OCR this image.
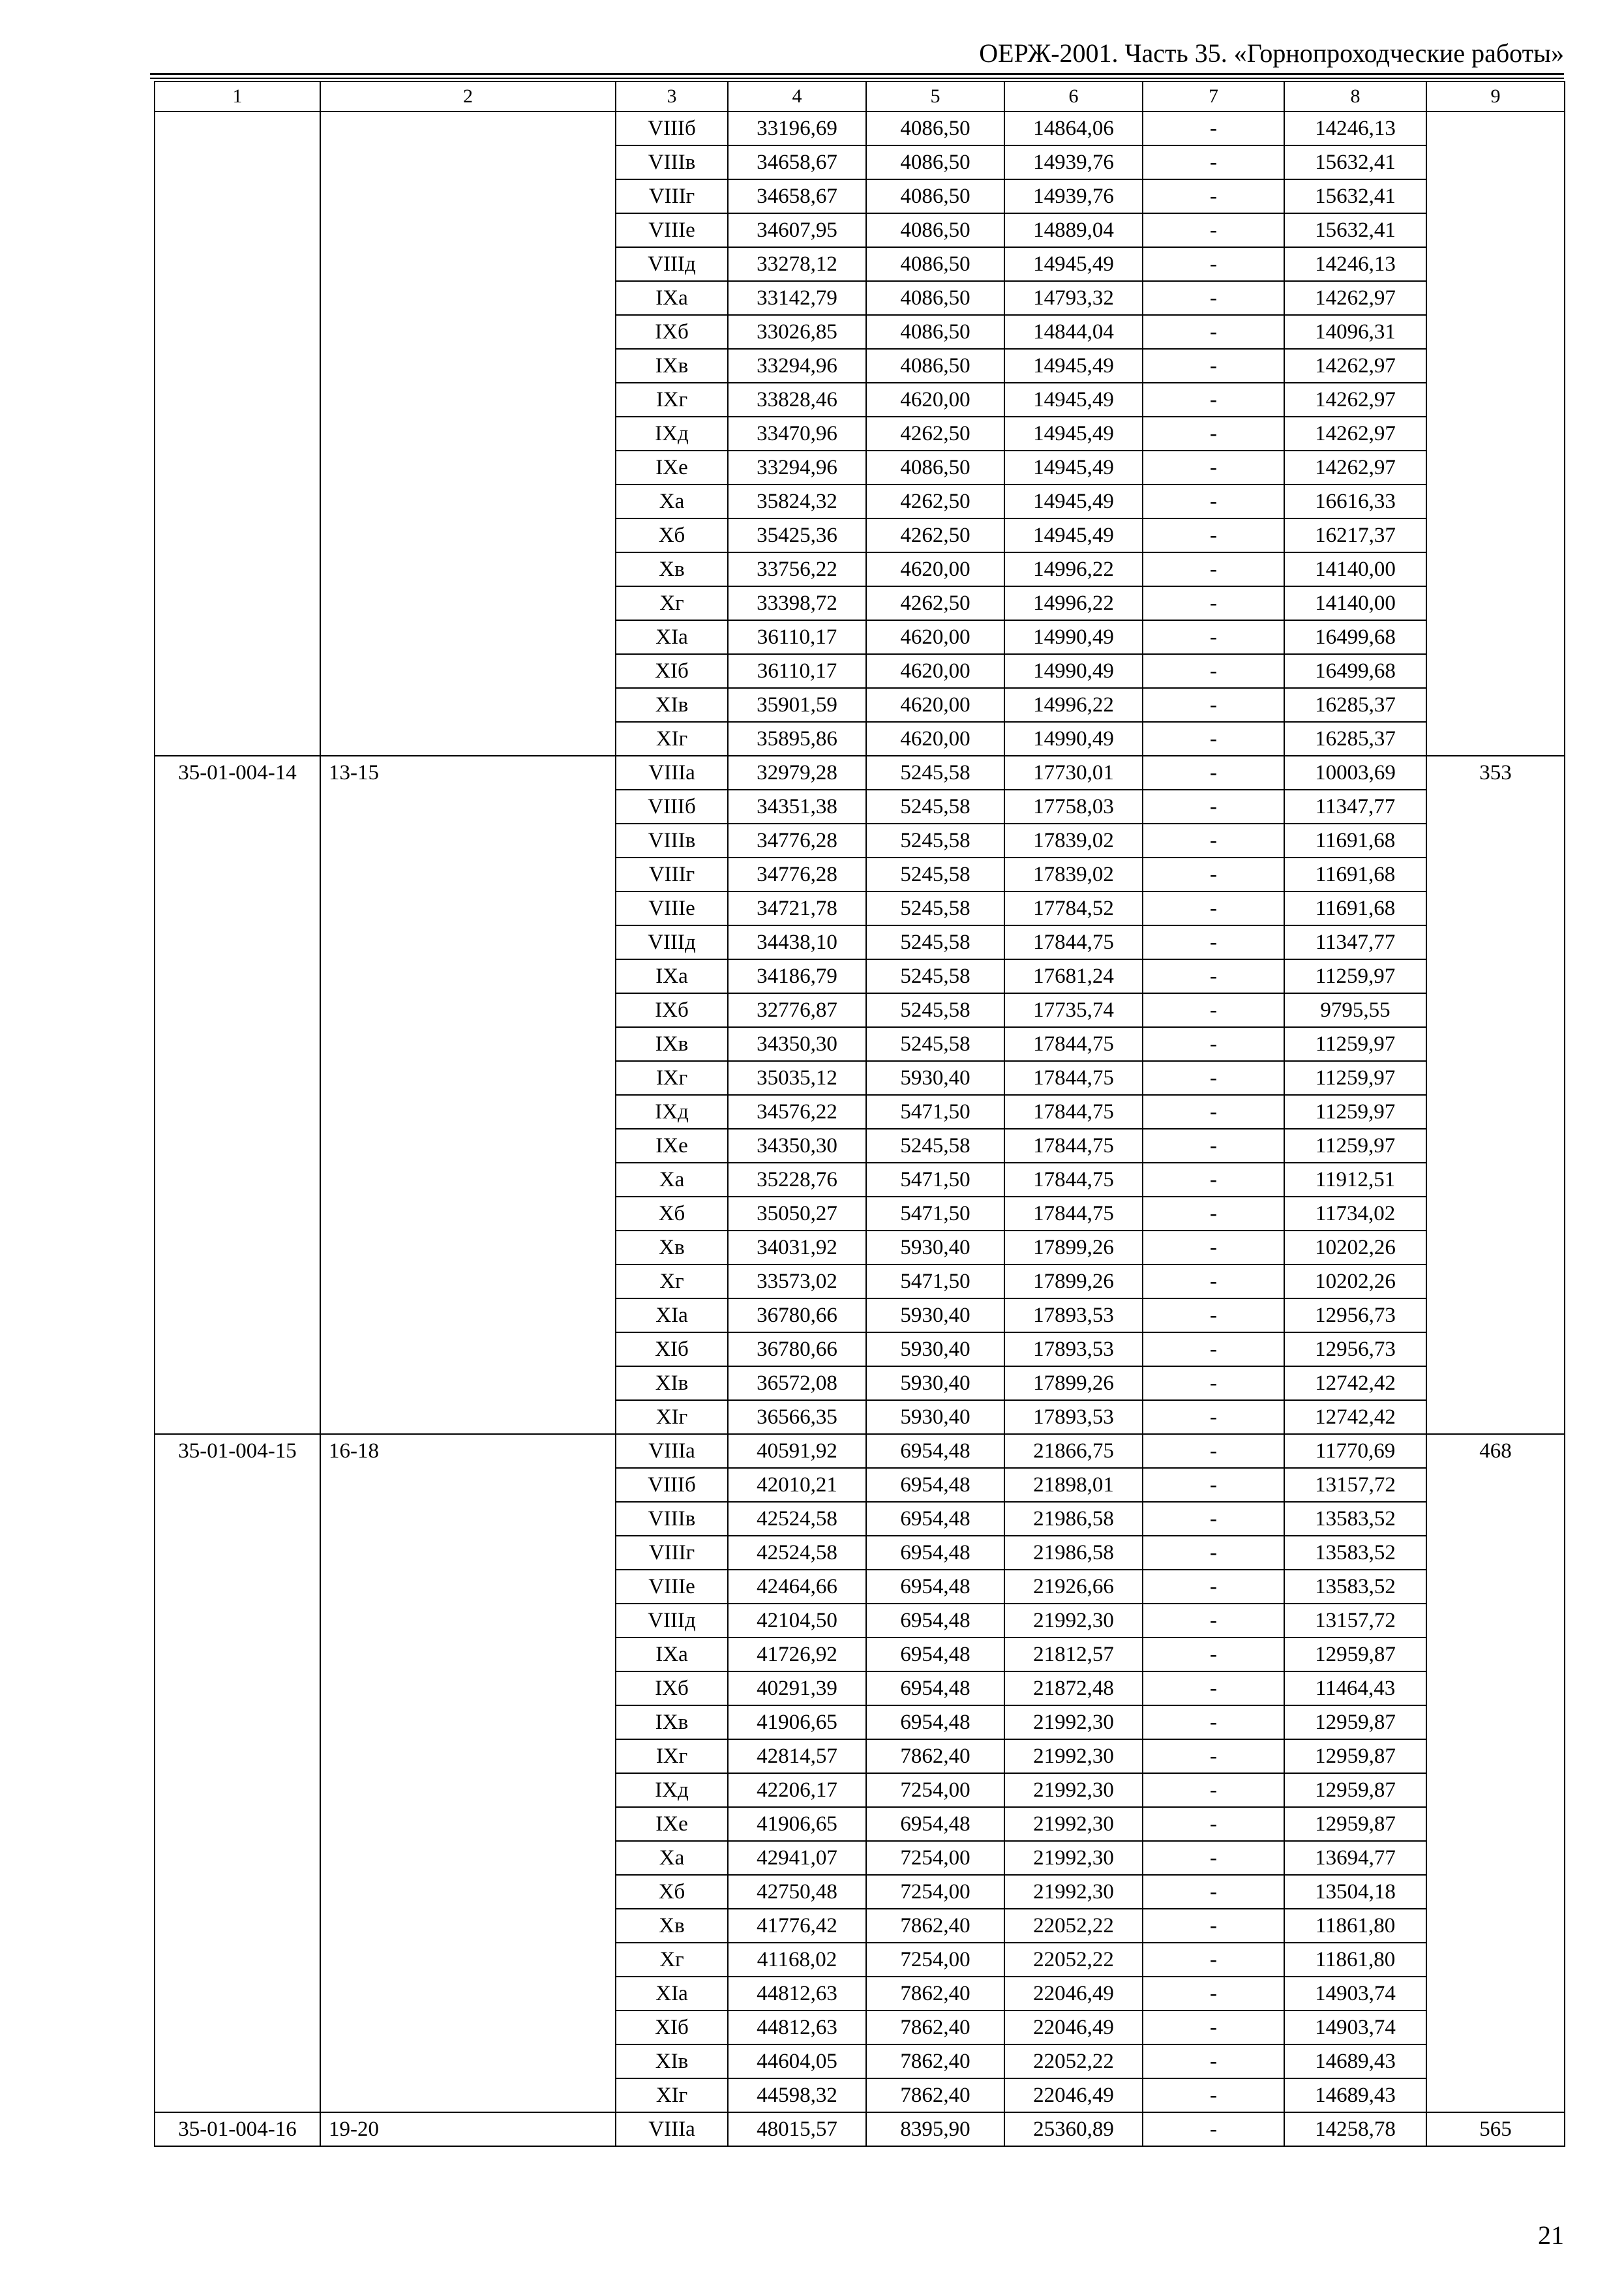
ОЕРЖ-2001. Часть 35. «Горнопроходческие работы»
1	2	3	4	5	6	7	8	9
		VIIIб	33196,69	4086,50	14864,06	-	14246,13	
		VIIIв	34658,67	4086,50	14939,76	-	15632,41	
		VIIIг	34658,67	4086,50	14939,76	-	15632,41	
		VIIIе	34607,95	4086,50	14889,04	-	15632,41	
		VIIIд	33278,12	4086,50	14945,49	-	14246,13	
		IXа	33142,79	4086,50	14793,32	-	14262,97	
		IXб	33026,85	4086,50	14844,04	-	14096,31	
		IXв	33294,96	4086,50	14945,49	-	14262,97	
		IXг	33828,46	4620,00	14945,49	-	14262,97	
		IXд	33470,96	4262,50	14945,49	-	14262,97	
		IXе	33294,96	4086,50	14945,49	-	14262,97	
		Xа	35824,32	4262,50	14945,49	-	16616,33	
		Xб	35425,36	4262,50	14945,49	-	16217,37	
		Xв	33756,22	4620,00	14996,22	-	14140,00	
		Xг	33398,72	4262,50	14996,22	-	14140,00	
		XIа	36110,17	4620,00	14990,49	-	16499,68	
		XIб	36110,17	4620,00	14990,49	-	16499,68	
		XIв	35901,59	4620,00	14996,22	-	16285,37	
		XIг	35895,86	4620,00	14990,49	-	16285,37	
35-01-004-14	13-15	VIIIа	32979,28	5245,58	17730,01	-	10003,69	353
		VIIIб	34351,38	5245,58	17758,03	-	11347,77	
		VIIIв	34776,28	5245,58	17839,02	-	11691,68	
		VIIIг	34776,28	5245,58	17839,02	-	11691,68	
		VIIIе	34721,78	5245,58	17784,52	-	11691,68	
		VIIIд	34438,10	5245,58	17844,75	-	11347,77	
		IXа	34186,79	5245,58	17681,24	-	11259,97	
		IXб	32776,87	5245,58	17735,74	-	9795,55	
		IXв	34350,30	5245,58	17844,75	-	11259,97	
		IXг	35035,12	5930,40	17844,75	-	11259,97	
		IXд	34576,22	5471,50	17844,75	-	11259,97	
		IXе	34350,30	5245,58	17844,75	-	11259,97	
		Xа	35228,76	5471,50	17844,75	-	11912,51	
		Xб	35050,27	5471,50	17844,75	-	11734,02	
		Xв	34031,92	5930,40	17899,26	-	10202,26	
		Xг	33573,02	5471,50	17899,26	-	10202,26	
		XIа	36780,66	5930,40	17893,53	-	12956,73	
		XIб	36780,66	5930,40	17893,53	-	12956,73	
		XIв	36572,08	5930,40	17899,26	-	12742,42	
		XIг	36566,35	5930,40	17893,53	-	12742,42	
35-01-004-15	16-18	VIIIа	40591,92	6954,48	21866,75	-	11770,69	468
		VIIIб	42010,21	6954,48	21898,01	-	13157,72	
		VIIIв	42524,58	6954,48	21986,58	-	13583,52	
		VIIIг	42524,58	6954,48	21986,58	-	13583,52	
		VIIIе	42464,66	6954,48	21926,66	-	13583,52	
		VIIIд	42104,50	6954,48	21992,30	-	13157,72	
		IXа	41726,92	6954,48	21812,57	-	12959,87	
		IXб	40291,39	6954,48	21872,48	-	11464,43	
		IXв	41906,65	6954,48	21992,30	-	12959,87	
		IXг	42814,57	7862,40	21992,30	-	12959,87	
		IXд	42206,17	7254,00	21992,30	-	12959,87	
		IXе	41906,65	6954,48	21992,30	-	12959,87	
		Xа	42941,07	7254,00	21992,30	-	13694,77	
		Xб	42750,48	7254,00	21992,30	-	13504,18	
		Xв	41776,42	7862,40	22052,22	-	11861,80	
		Xг	41168,02	7254,00	22052,22	-	11861,80	
		XIа	44812,63	7862,40	22046,49	-	14903,74	
		XIб	44812,63	7862,40	22046,49	-	14903,74	
		XIв	44604,05	7862,40	22052,22	-	14689,43	
		XIг	44598,32	7862,40	22046,49	-	14689,43	
35-01-004-16	19-20	VIIIа	48015,57	8395,90	25360,89	-	14258,78	565
21
